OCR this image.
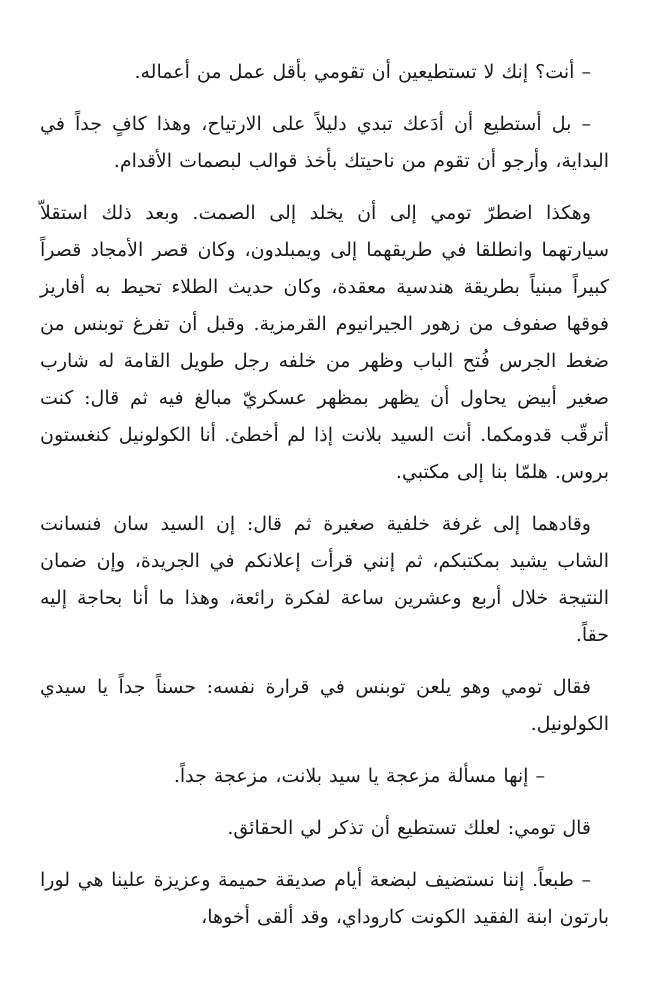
– أنت؟ إنك لا تستطيعين أن تقومي بأقل عمل من أعماله.

– بل أستطيع أن أدَعك تبدي دليلاً على الارتياح، وهذا كافٍ جداً في البداية، وأرجو أن تقوم من ناحيتك بأخذ قوالب لبصمات الأقدام.

وهكذا اضطرّ تومي إلى أن يخلد إلى الصمت. وبعد ذلك استقلاّ سيارتهما وانطلقا في طريقهما إلى ويمبلدون، وكان قصر الأمجاد قصراً كبيراً مبنياً بطريقة هندسية معقدة، وكان حديث الطلاء تحيط به أفاريز فوقها صفوف من زهور الجيرانيوم القرمزية. وقبل أن تفرغ توبنس من ضغط الجرس فُتح الباب وظهر من خلفه رجل طويل القامة له شارب صغير أبيض يحاول أن يظهر بمظهر عسكريّ مبالغ فيه ثم قال: كنت أترقّب قدومكما. أنت السيد بلانت إذا لم أخطئ. أنا الكولونيل كنغستون بروس. هلمّا بنا إلى مكتبي.

وقادهما إلى غرفة خلفية صغيرة ثم قال: إن السيد سان فنسانت الشاب يشيد بمكتبكم، ثم إنني قرأت إعلانكم في الجريدة، وإن ضمان النتيجة خلال أربع وعشرين ساعة لفكرة رائعة، وهذا ما أنا بحاجة إليه حقاً.

فقال تومي وهو يلعن توبنس في قرارة نفسه: حسناً جداً يا سيدي الكولونيل.

– إنها مسألة مزعجة يا سيد بلانت، مزعجة جداً.

قال تومي: لعلك تستطيع أن تذكر لي الحقائق.

– طبعاً. إننا نستضيف لبضعة أيام صديقة حميمة وعزيزة علينا هي لورا بارتون ابنة الفقيد الكونت كاروداي، وقد ألقى أخوها،
